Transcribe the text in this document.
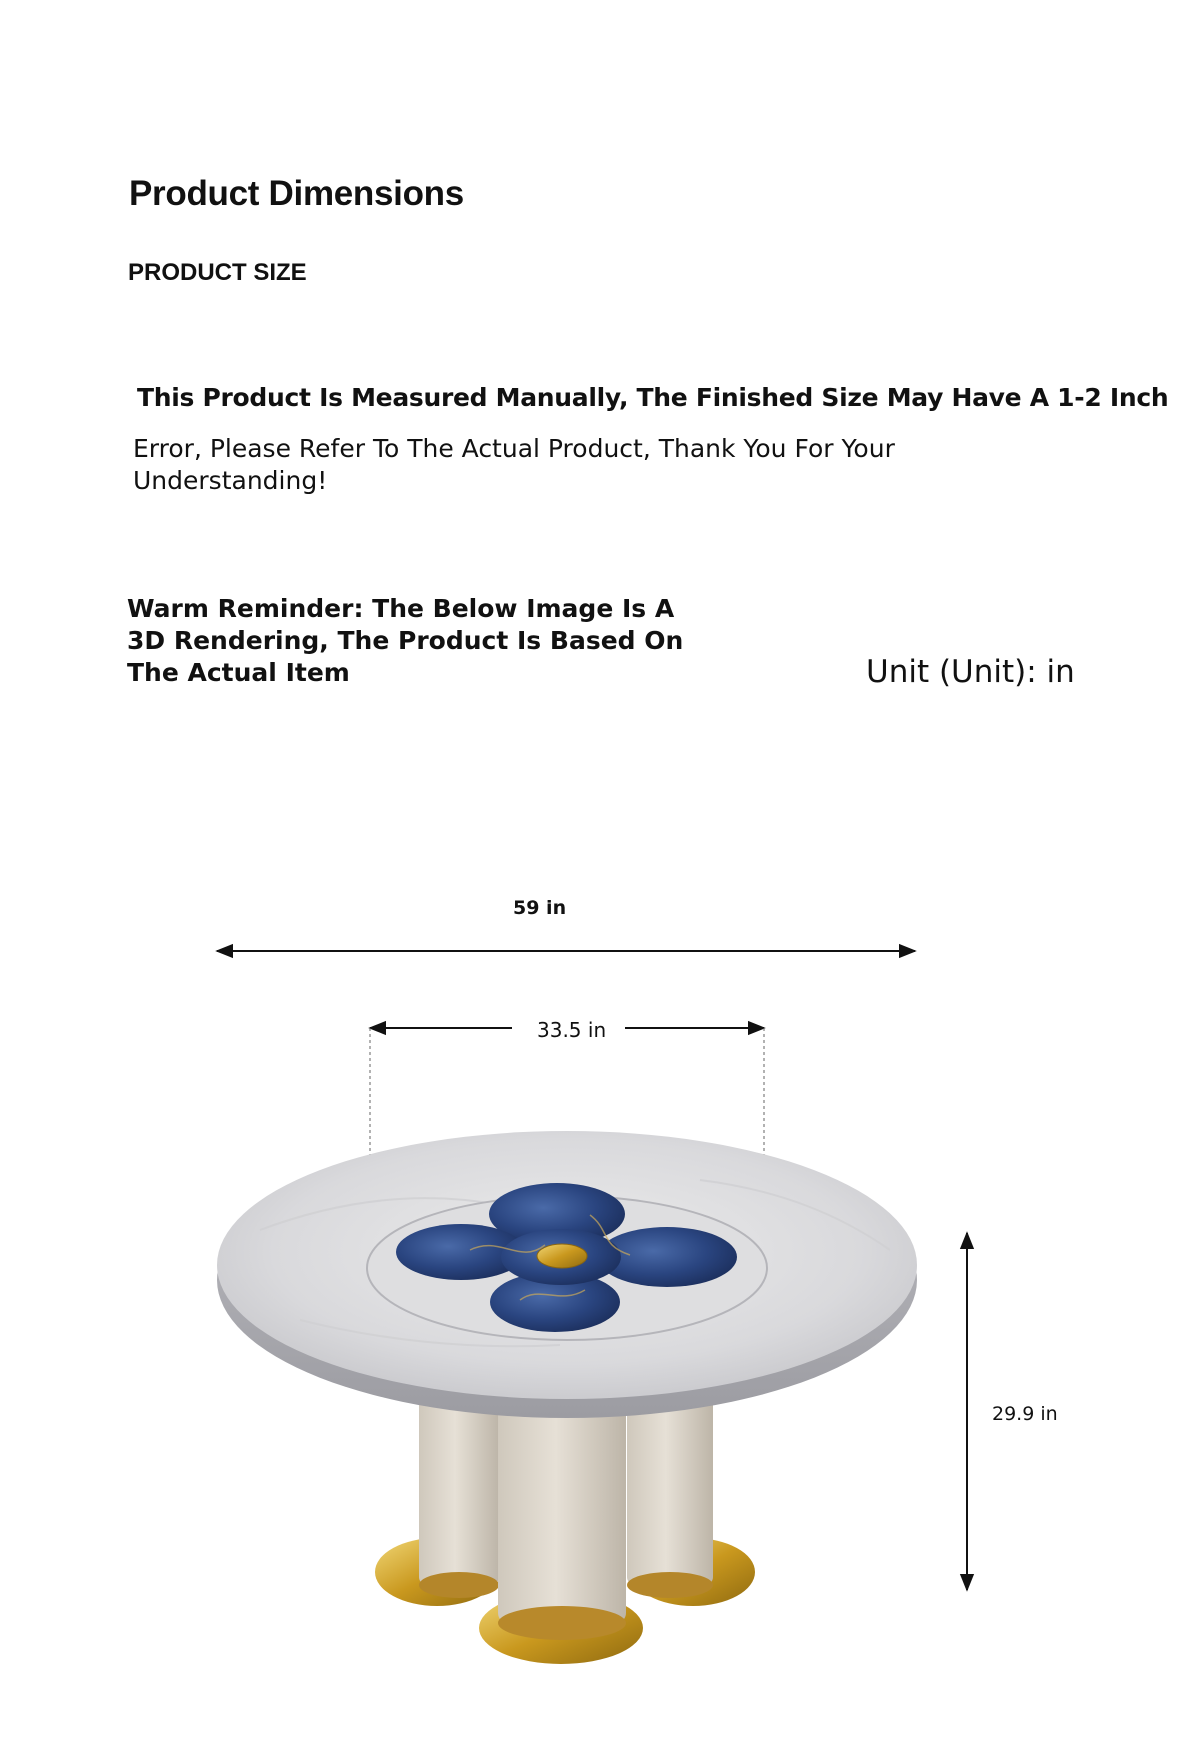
Product Dimensions
PRODUCT SIZE
This Product Is Measured Manually, The Finished Size May Have A 1-2 Inch
Error, Please Refer To The Actual Product, Thank You For Your Understanding!
Warm Reminder: The Below Image Is A 3D Rendering, The Product Is Based On The Actual Item	Unit (Unit): in
59 in
33.5 in
29.9 in
